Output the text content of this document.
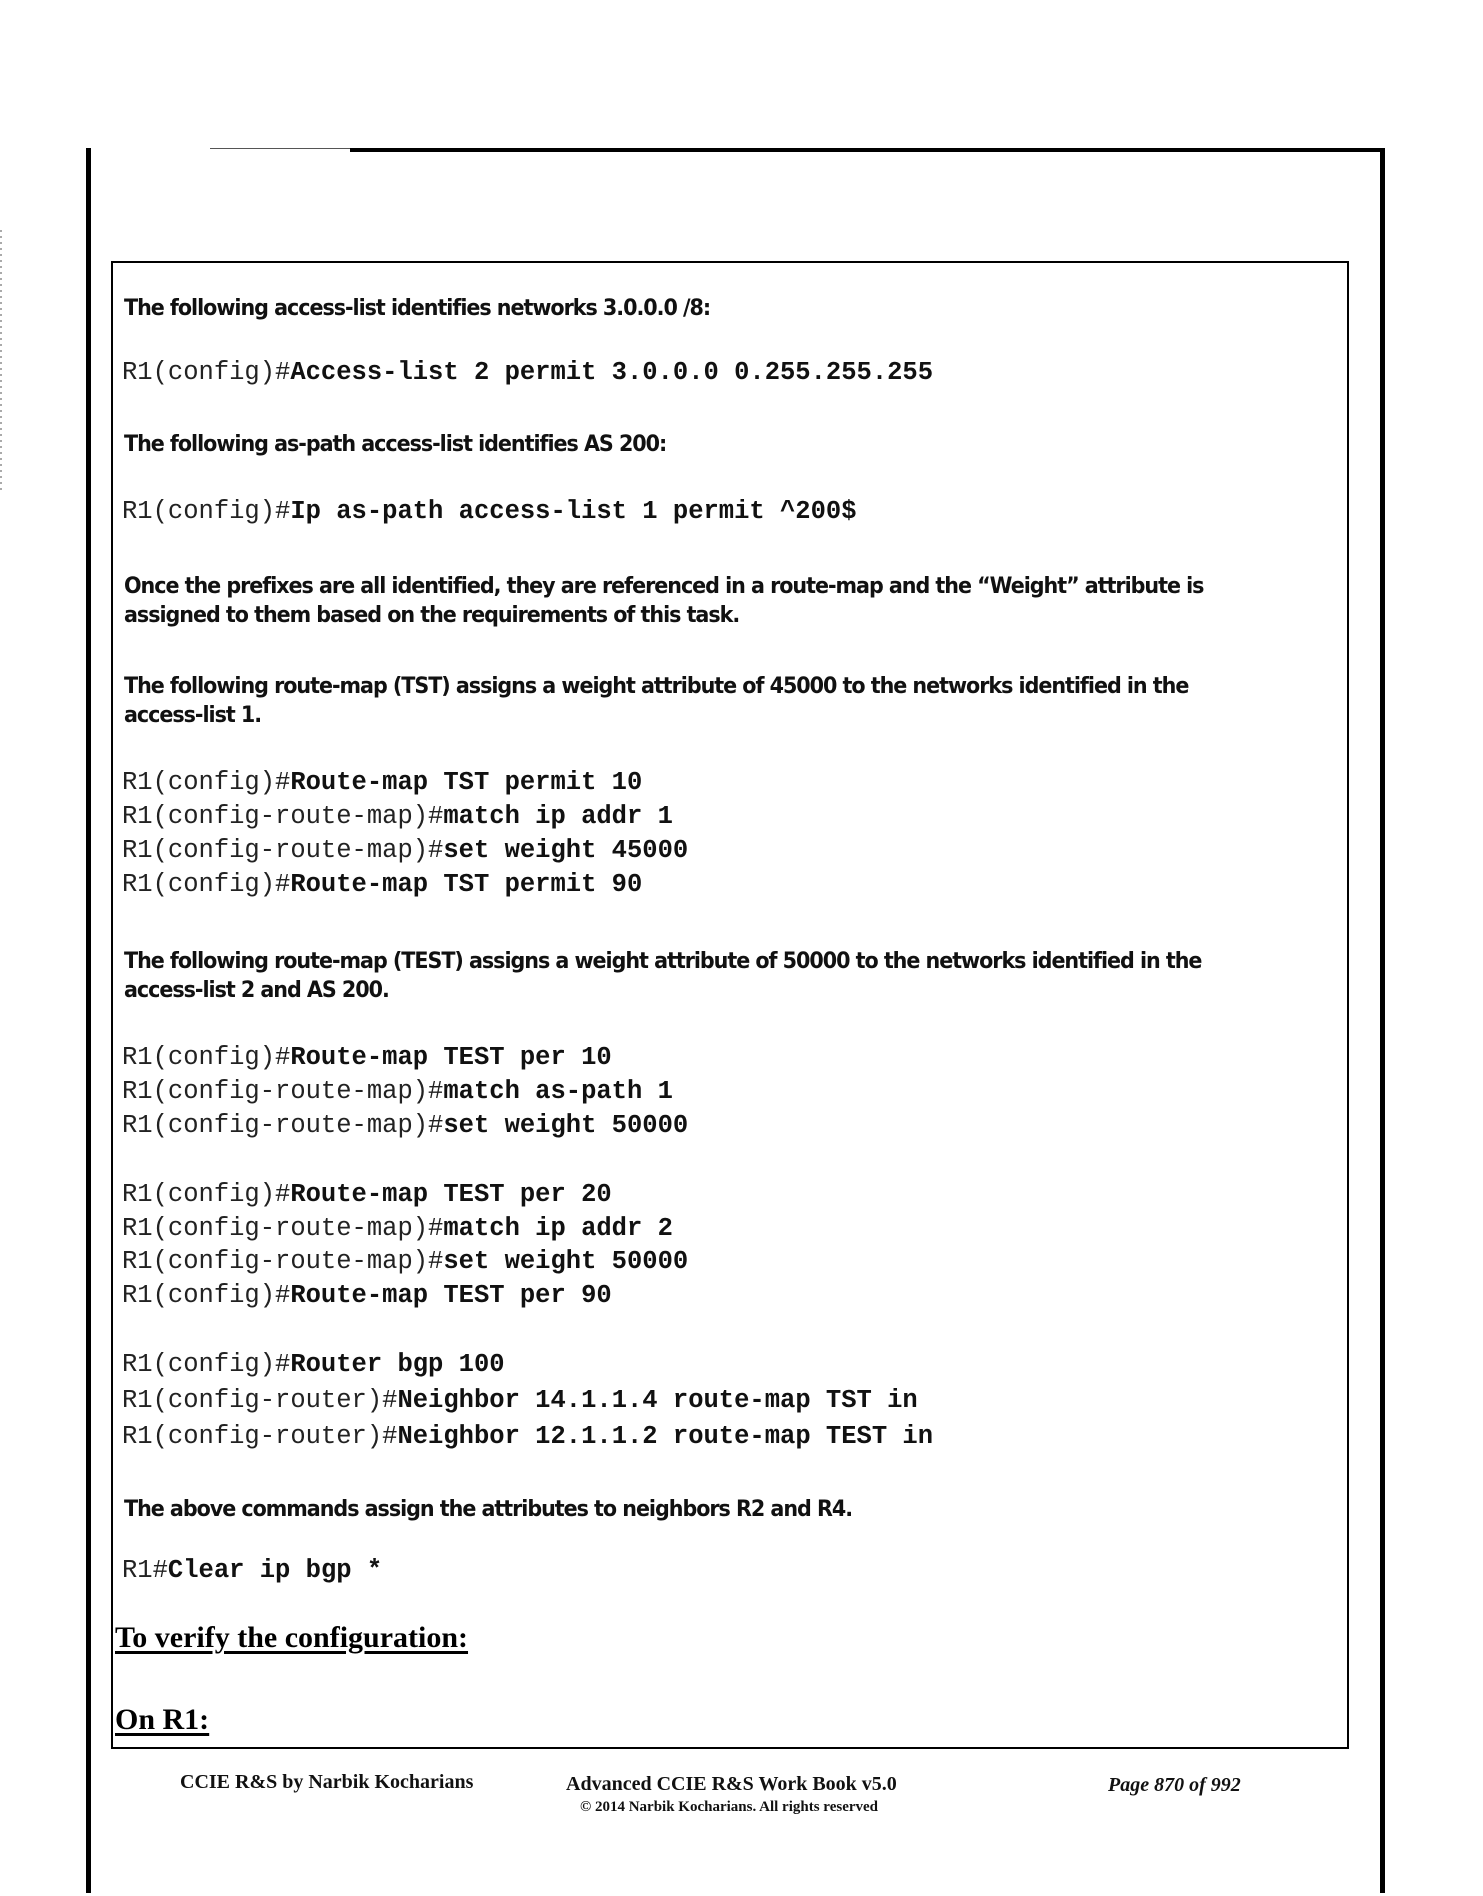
The following access-list identifies networks 3.0.0.0 /8:
R1(config)#Access-list 2 permit 3.0.0.0 0.255.255.255
The following as-path access-list identifies AS 200:
R1(config)#Ip as-path access-list 1 permit ^200$
Once the prefixes are all identified, they are referenced in a route-map and the “Weight” attribute is assigned to them based on the requirements of this task.
The following route-map (TST) assigns a weight attribute of 45000 to the networks identified in the access-list 1.
R1(config)#Route-map TST permit 10
R1(config-route-map)#match ip addr 1
R1(config-route-map)#set weight 45000
R1(config)#Route-map TST permit 90
The following route-map (TEST) assigns a weight attribute of 50000 to the networks identified in the access-list 2 and AS 200.
R1(config)#Route-map TEST per 10
R1(config-route-map)#match as-path 1
R1(config-route-map)#set weight 50000
R1(config)#Route-map TEST per 20
R1(config-route-map)#match ip addr 2
R1(config-route-map)#set weight 50000
R1(config)#Route-map TEST per 90
R1(config)#Router bgp 100
R1(config-router)#Neighbor 14.1.1.4 route-map TST in
R1(config-router)#Neighbor 12.1.1.2 route-map TEST in
The above commands assign the attributes to neighbors R2 and R4.
R1#Clear ip bgp *
To verify the configuration:
On R1:
CCIE R&S by Narbik Kocharians	Advanced CCIE R&S Work Book v5.0
© 2014 Narbik Kocharians. All rights reserved
Page 870 of 992
